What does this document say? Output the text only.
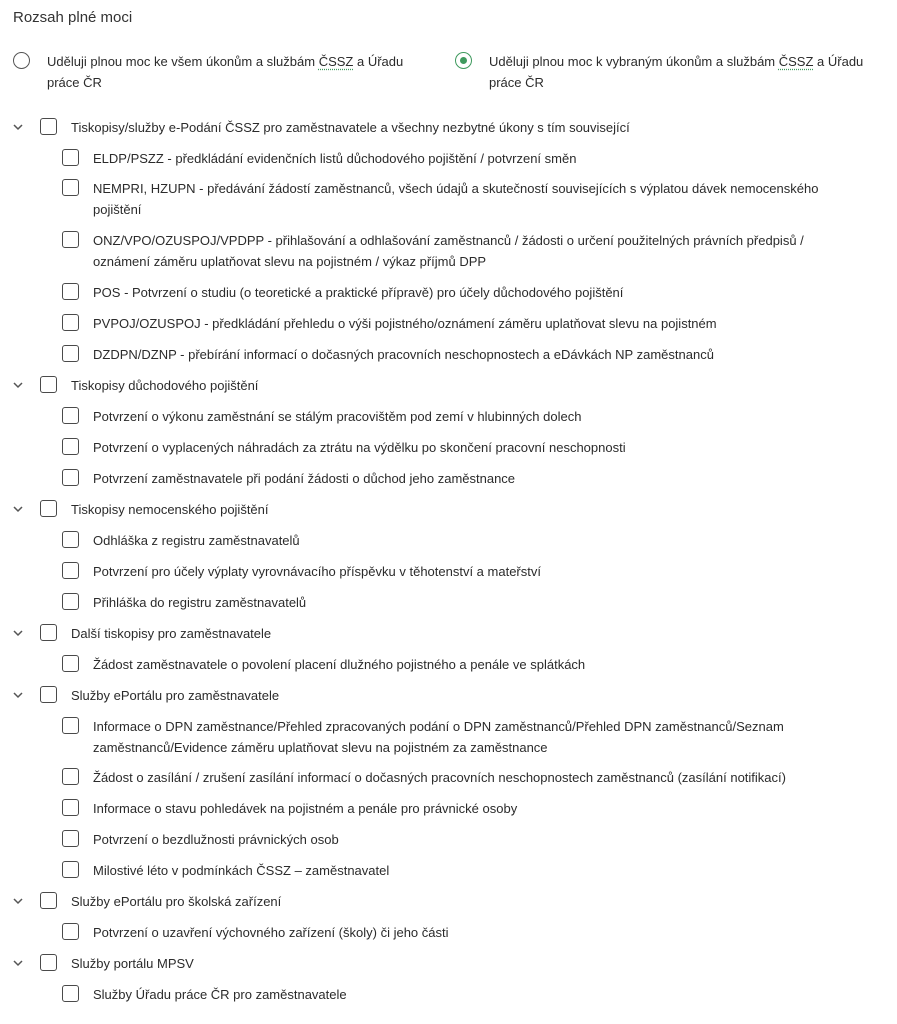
Rozsah plné moci
Uděluji plnou moc ke všem úkonům a službám ČSSZ a Úřadu práce ČR
Uděluji plnou moc k vybraným úkonům a službám ČSSZ a Úřadu práce ČR
Tiskopisy/služby e-Podání ČSSZ pro zaměstnavatele a všechny nezbytné úkony s tím související
ELDP/PSZZ - předkládání evidenčních listů důchodového pojištění / potvrzení směn
NEMPRI, HZUPN - předávání žádostí zaměstnanců, všech údajů a skutečností souvisejících s výplatou dávek nemocenského pojištění
ONZ/VPO/OZUSPOJ/VPDPP - přihlašování a odhlašování zaměstnanců / žádosti o určení použitelných právních předpisů / oznámení záměru uplatňovat slevu na pojistném / výkaz příjmů DPP
POS - Potvrzení o studiu (o teoretické a praktické přípravě) pro účely důchodového pojištění
PVPOJ/OZUSPOJ - předkládání přehledu o výši pojistného/oznámení záměru uplatňovat slevu na pojistném
DZDPN/DZNP - přebírání informací o dočasných pracovních neschopnostech a eDávkách NP zaměstnanců
Tiskopisy důchodového pojištění
Potvrzení o výkonu zaměstnání se stálým pracovištěm pod zemí v hlubinných dolech
Potvrzení o vyplacených náhradách za ztrátu na výdělku po skončení pracovní neschopnosti
Potvrzení zaměstnavatele při podání žádosti o důchod jeho zaměstnance
Tiskopisy nemocenského pojištění
Odhláška z registru zaměstnavatelů
Potvrzení pro účely výplaty vyrovnávacího příspěvku v těhotenství a mateřství
Přihláška do registru zaměstnavatelů
Další tiskopisy pro zaměstnavatele
Žádost zaměstnavatele o povolení placení dlužného pojistného a penále ve splátkách
Služby ePortálu pro zaměstnavatele
Informace o DPN zaměstnance/Přehled zpracovaných podání o DPN zaměstnanců/Přehled DPN zaměstnanců/Seznam zaměstnanců/Evidence záměru uplatňovat slevu na pojistném za zaměstnance
Žádost o zasílání / zrušení zasílání informací o dočasných pracovních neschopnostech zaměstnanců (zasílání notifikací)
Informace o stavu pohledávek na pojistném a penále pro právnické osoby
Potvrzení o bezdlužnosti právnických osob
Milostivé léto v podmínkách ČSSZ – zaměstnavatel
Služby ePortálu pro školská zařízení
Potvrzení o uzavření výchovného zařízení (školy) či jeho části
Služby portálu MPSV
Služby Úřadu práce ČR pro zaměstnavatele
